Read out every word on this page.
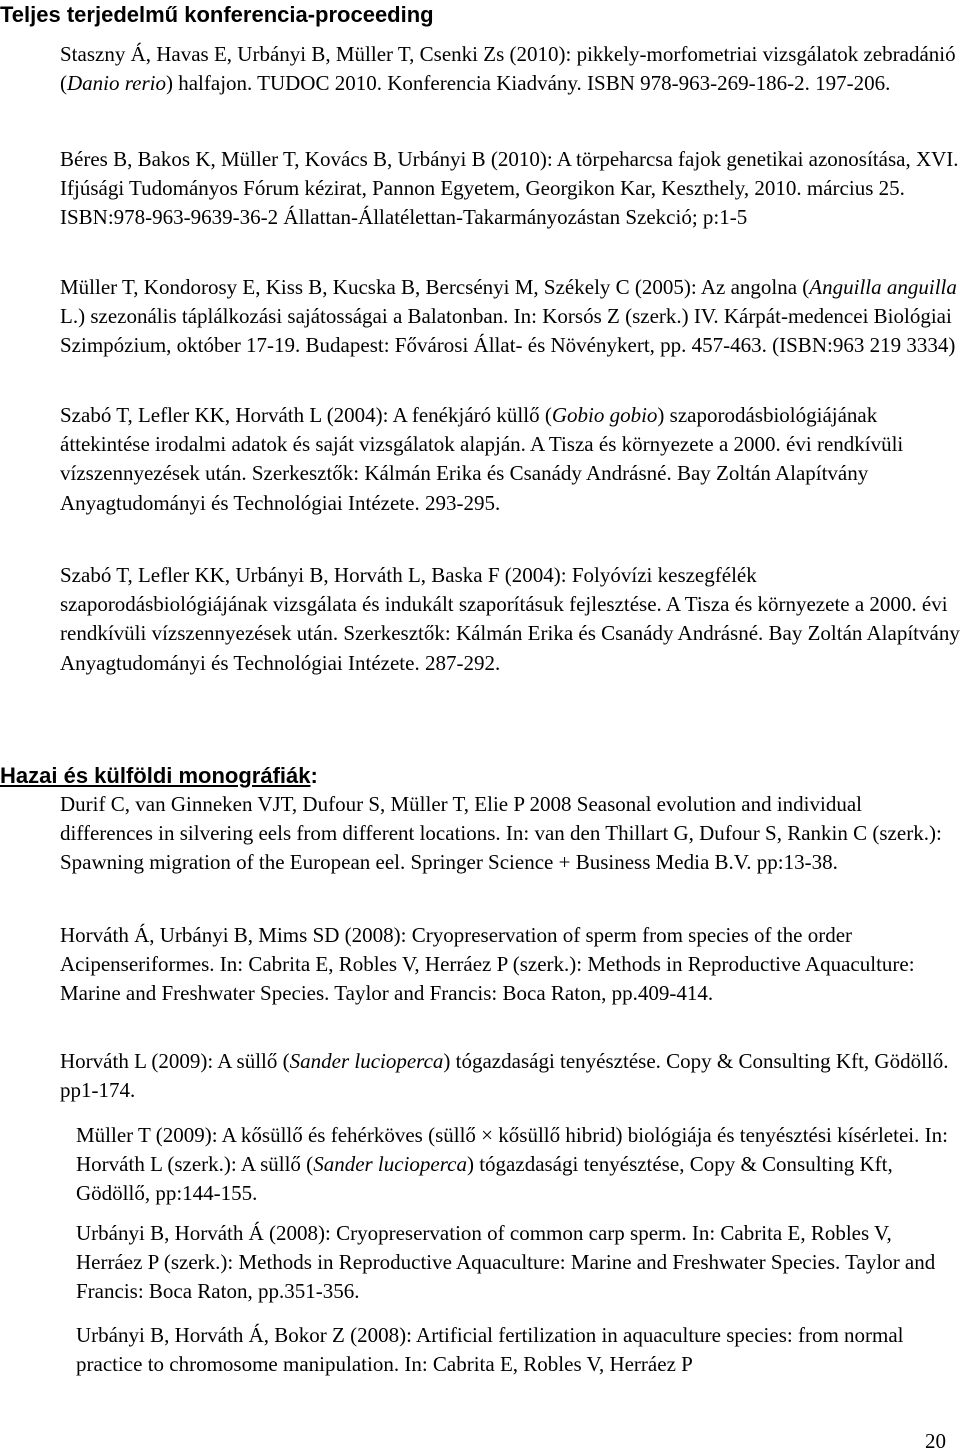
Teljes terjedelmű konferencia-proceeding

Staszny Á, Havas E, Urbányi B, Müller T, Csenki Zs (2010): pikkely-morfometriai vizsgálatok zebradánió (Danio rerio) halfajon. TUDOC 2010. Konferencia Kiadvány. ISBN 978-963-269-186-2. 197-206.

Béres B, Bakos K, Müller T, Kovács B, Urbányi B (2010): A törpeharcsa fajok genetikai azonosítása, XVI. Ifjúsági Tudományos Fórum kézirat, Pannon Egyetem, Georgikon Kar, Keszthely, 2010. március 25. ISBN:978-963-9639-36-2 Állattan-Állatélettan-Takarmányozástan Szekció; p:1-5

Müller T, Kondorosy E, Kiss B, Kucska B, Bercsényi M, Székely C (2005): Az angolna (Anguilla anguilla L.) szezonális táplálkozási sajátosságai a Balatonban. In: Korsós Z (szerk.) IV. Kárpát-medencei Biológiai Szimpózium, október 17-19. Budapest: Fővárosi Állat- és Növénykert, pp. 457-463. (ISBN:963 219 3334)

Szabó T, Lefler KK, Horváth L (2004): A fenékjáró küllő (Gobio gobio) szaporodásbiológiájának áttekintése irodalmi adatok és saját vizsgálatok alapján. A Tisza és környezete a 2000. évi rendkívüli vízszennyezések után. Szerkesztők: Kálmán Erika és Csanády Andrásné. Bay Zoltán Alapítvány Anyagtudományi és Technológiai Intézete. 293-295.

Szabó T, Lefler KK, Urbányi B, Horváth L, Baska F (2004): Folyóvízi keszegfélék szaporodásbiológiájának vizsgálata és indukált szaporításuk fejlesztése. A Tisza és környezete a 2000. évi rendkívüli vízszennyezések után. Szerkesztők: Kálmán Erika és Csanády Andrásné. Bay Zoltán Alapítvány Anyagtudományi és Technológiai Intézete. 287-292.

Hazai és külföldi monográfiák:

Durif C, van Ginneken VJT, Dufour S, Müller T, Elie P 2008 Seasonal evolution and individual differences in silvering eels from different locations. In: van den Thillart G, Dufour S, Rankin C (szerk.): Spawning migration of the European eel. Springer Science + Business Media B.V. pp:13-38.

Horváth Á, Urbányi B, Mims SD (2008): Cryopreservation of sperm from species of the order Acipenseriformes. In: Cabrita E, Robles V, Herráez P (szerk.): Methods in Reproductive Aquaculture: Marine and Freshwater Species. Taylor and Francis: Boca Raton, pp.409-414.

Horváth L (2009): A süllő (Sander lucioperca) tógazdasági tenyésztése. Copy & Consulting Kft, Gödöllő. pp1-174.

Müller T (2009): A kősüllő és fehérköves (süllő × kősüllő hibrid) biológiája és tenyésztési kísérletei. In: Horváth L (szerk.): A süllő (Sander lucioperca) tógazdasági tenyésztése, Copy & Consulting Kft, Gödöllő, pp:144-155.

Urbányi B, Horváth Á (2008): Cryopreservation of common carp sperm. In: Cabrita E, Robles V, Herráez P (szerk.): Methods in Reproductive Aquaculture: Marine and Freshwater Species. Taylor and Francis: Boca Raton, pp.351-356.

Urbányi B, Horváth Á, Bokor Z (2008): Artificial fertilization in aquaculture species: from normal practice to chromosome manipulation. In: Cabrita E, Robles V, Herráez P

20
